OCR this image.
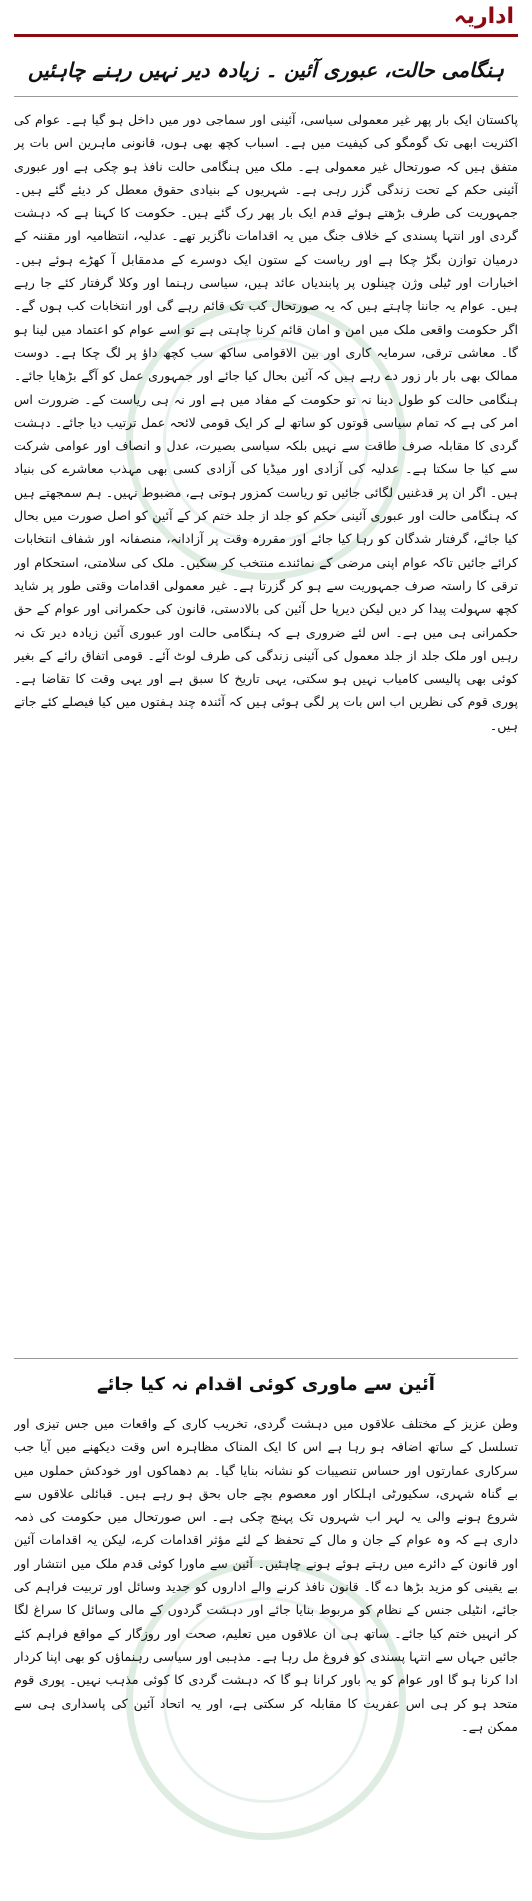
اداریہ
ہنگامی حالت، عبوری آئین ۔ زیادہ دیر نہیں رہنے چاہئیں

پاکستان ایک بار پھر غیر معمولی سیاسی، آئینی اور سماجی دور میں داخل ہو گیا ہے۔ عوام کی اکثریت ابھی تک گومگو کی کیفیت میں ہے۔ اسباب کچھ بھی ہوں، قانونی ماہرین اس بات پر متفق ہیں کہ صورتحال غیر معمولی ہے۔ ملک میں ہنگامی حالت نافذ ہو چکی ہے اور عبوری آئینی حکم کے تحت زندگی گزر رہی ہے۔ شہریوں کے بنیادی حقوق معطل کر دیئے گئے ہیں۔ جمہوریت کی طرف بڑھتے ہوئے قدم ایک بار پھر رک گئے ہیں۔ حکومت کا کہنا ہے کہ دہشت گردی اور انتہا پسندی کے خلاف جنگ میں یہ اقدامات ناگزیر تھے۔ عدلیہ، انتظامیہ اور مقننہ کے درمیان توازن بگڑ چکا ہے اور ریاست کے ستون ایک دوسرے کے مدمقابل آ کھڑے ہوئے ہیں۔ اخبارات اور ٹیلی وژن چینلوں پر پابندیاں عائد ہیں، سیاسی رہنما اور وکلا گرفتار کئے جا رہے ہیں۔ عوام یہ جاننا چاہتے ہیں کہ یہ صورتحال کب تک قائم رہے گی اور انتخابات کب ہوں گے۔ اگر حکومت واقعی ملک میں امن و امان قائم کرنا چاہتی ہے تو اسے عوام کو اعتماد میں لینا ہو گا۔ معاشی ترقی، سرمایہ کاری اور بین الاقوامی ساکھ سب کچھ داؤ پر لگ چکا ہے۔ دوست ممالک بھی بار بار زور دے رہے ہیں کہ آئین بحال کیا جائے اور جمہوری عمل کو آگے بڑھایا جائے۔ ہنگامی حالت کو طول دینا نہ تو حکومت کے مفاد میں ہے اور نہ ہی ریاست کے۔ ضرورت اس امر کی ہے کہ تمام سیاسی قوتوں کو ساتھ لے کر ایک قومی لائحہ عمل ترتیب دیا جائے۔ دہشت گردی کا مقابلہ صرف طاقت سے نہیں بلکہ سیاسی بصیرت، عدل و انصاف اور عوامی شرکت سے کیا جا سکتا ہے۔ عدلیہ کی آزادی اور میڈیا کی آزادی کسی بھی مہذب معاشرے کی بنیاد ہیں۔ اگر ان پر قدغنیں لگائی جائیں تو ریاست کمزور ہوتی ہے، مضبوط نہیں۔ ہم سمجھتے ہیں کہ ہنگامی حالت اور عبوری آئینی حکم کو جلد از جلد ختم کر کے آئین کو اصل صورت میں بحال کیا جائے، گرفتار شدگان کو رہا کیا جائے اور مقررہ وقت پر آزادانہ، منصفانہ اور شفاف انتخابات کرائے جائیں تاکہ عوام اپنی مرضی کے نمائندے منتخب کر سکیں۔ ملک کی سلامتی، استحکام اور ترقی کا راستہ صرف جمہوریت سے ہو کر گزرتا ہے۔ غیر معمولی اقدامات وقتی طور پر شاید کچھ سہولت پیدا کر دیں لیکن دیرپا حل آئین کی بالادستی، قانون کی حکمرانی اور عوام کے حق حکمرانی ہی میں ہے۔ اس لئے ضروری ہے کہ ہنگامی حالت اور عبوری آئین زیادہ دیر تک نہ رہیں اور ملک جلد از جلد معمول کی آئینی زندگی کی طرف لوٹ آئے۔ قومی اتفاق رائے کے بغیر کوئی بھی پالیسی کامیاب نہیں ہو سکتی، یہی تاریخ کا سبق ہے اور یہی وقت کا تقاضا ہے۔ پوری قوم کی نظریں اب اس بات پر لگی ہوئی ہیں کہ آئندہ چند ہفتوں میں کیا فیصلے کئے جاتے ہیں۔

آئین سے ماوری کوئی اقدام نہ کیا جائے

وطن عزیز کے مختلف علاقوں میں دہشت گردی، تخریب کاری کے واقعات میں جس تیزی اور تسلسل کے ساتھ اضافہ ہو رہا ہے اس کا ایک المناک مظاہرہ اس وقت دیکھنے میں آیا جب سرکاری عمارتوں اور حساس تنصیبات کو نشانہ بنایا گیا۔ بم دھماکوں اور خودکش حملوں میں بے گناہ شہری، سکیورٹی اہلکار اور معصوم بچے جاں بحق ہو رہے ہیں۔ قبائلی علاقوں سے شروع ہونے والی یہ لہر اب شہروں تک پہنچ چکی ہے۔ اس صورتحال میں حکومت کی ذمہ داری ہے کہ وہ عوام کے جان و مال کے تحفظ کے لئے مؤثر اقدامات کرے، لیکن یہ اقدامات آئین اور قانون کے دائرے میں رہتے ہوئے ہونے چاہئیں۔ آئین سے ماورا کوئی قدم ملک میں انتشار اور بے یقینی کو مزید بڑھا دے گا۔ قانون نافذ کرنے والے اداروں کو جدید وسائل اور تربیت فراہم کی جائے، انٹیلی جنس کے نظام کو مربوط بنایا جائے اور دہشت گردوں کے مالی وسائل کا سراغ لگا کر انہیں ختم کیا جائے۔ ساتھ ہی ان علاقوں میں تعلیم، صحت اور روزگار کے مواقع فراہم کئے جائیں جہاں سے انتہا پسندی کو فروغ مل رہا ہے۔ مذہبی اور سیاسی رہنماؤں کو بھی اپنا کردار ادا کرنا ہو گا اور عوام کو یہ باور کرانا ہو گا کہ دہشت گردی کا کوئی مذہب نہیں۔ پوری قوم متحد ہو کر ہی اس عفریت کا مقابلہ کر سکتی ہے، اور یہ اتحاد آئین کی پاسداری ہی سے ممکن ہے۔
